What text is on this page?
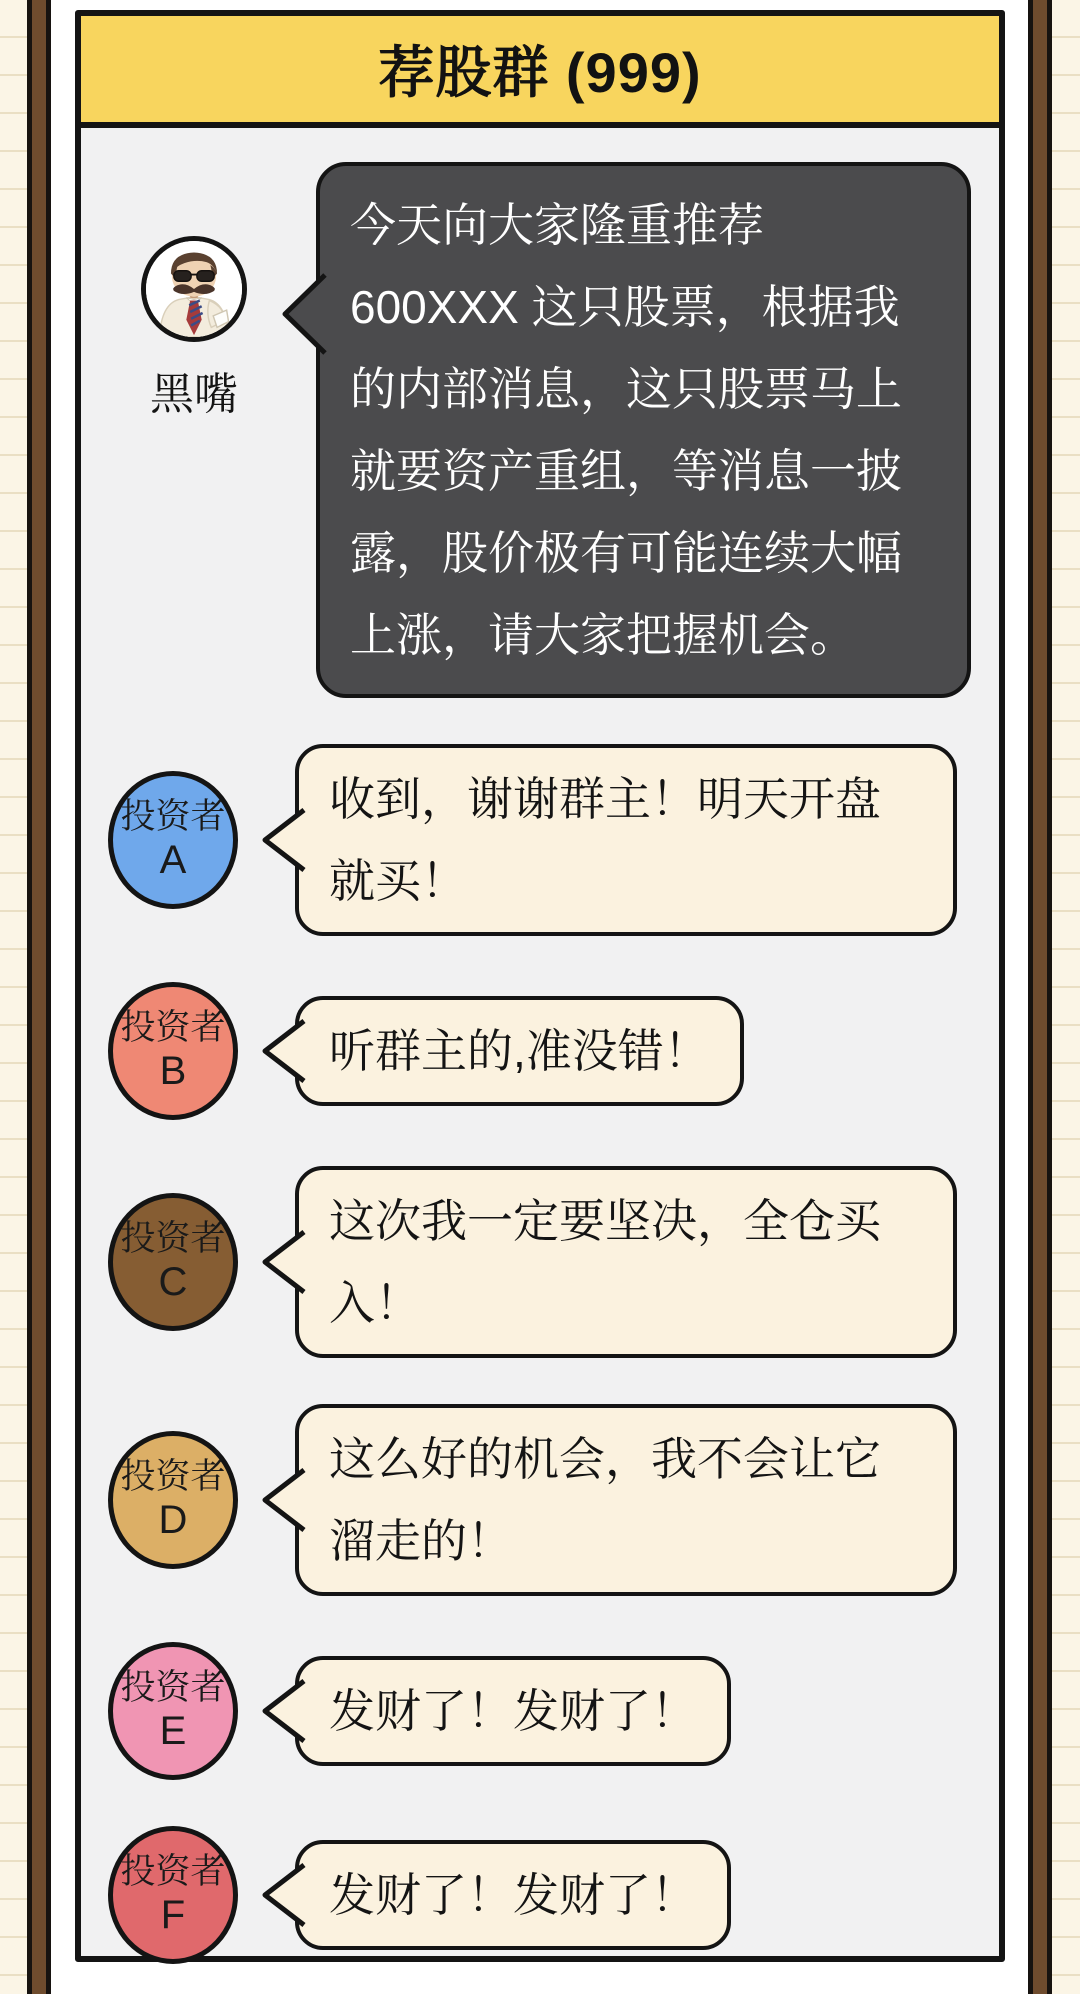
荐股群 (999)
黑嘴
今天向大家隆重推荐 600XXX 这只股票，根据我的内部消息，这只股票马上就要资产重组，等消息一披露，股价极有可能连续大幅上涨，请大家把握机会。
投资者
A
收到，谢谢群主！明天开盘就买！
投资者
B	听群主的,准没错！
投资者
C
这次我一定要坚决，全仓买入！
投资者
D
这么好的机会，我不会让它溜走的！
投资者
E	发财了！发财了！
投资者
F	发财了！发财了！
